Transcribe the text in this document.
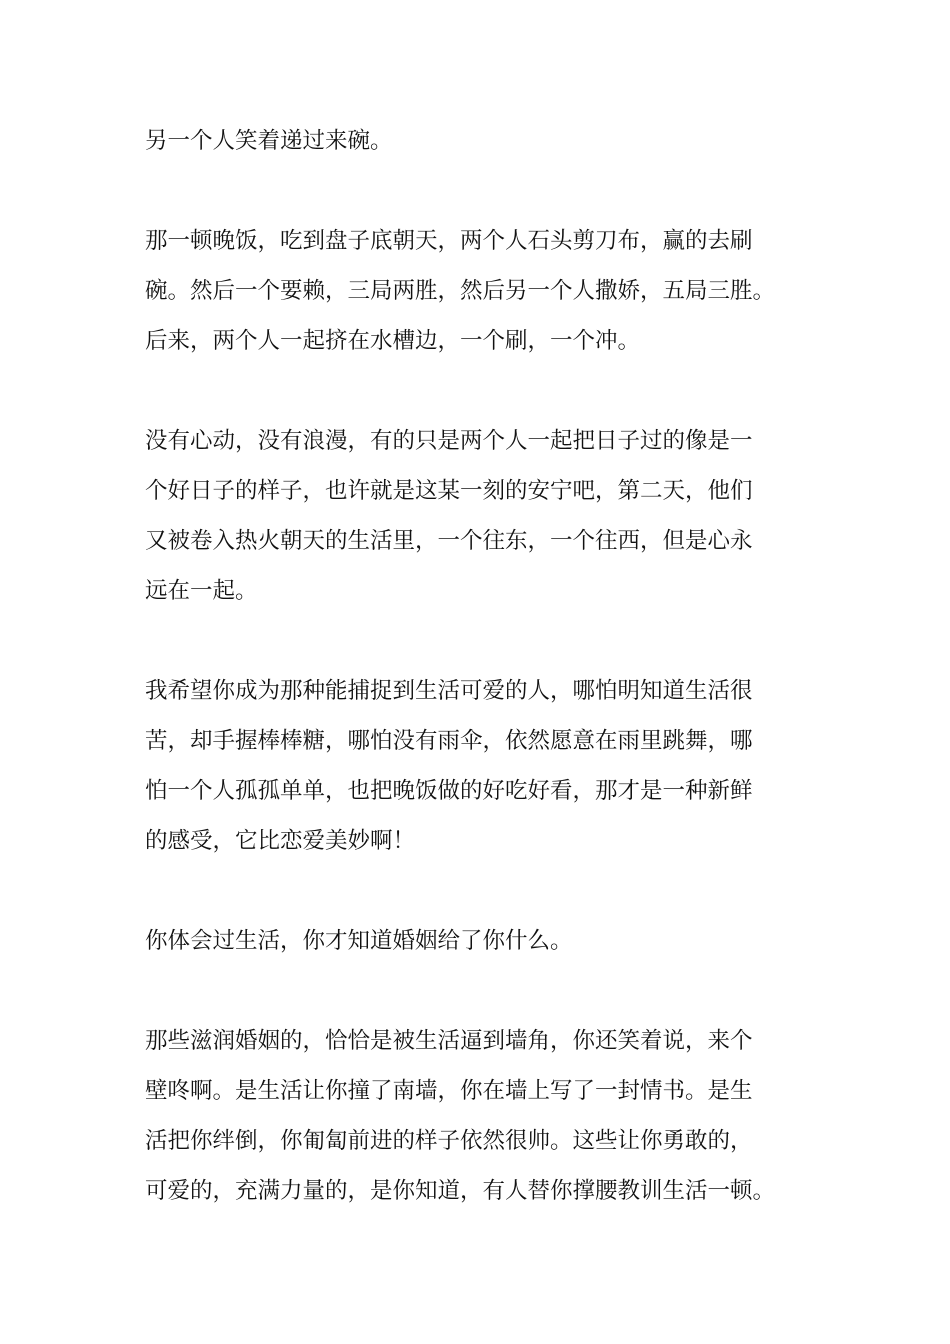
另一个人笑着递过来碗。

那一顿晚饭，吃到盘子底朝天，两个人石头剪刀布，赢的去刷

碗。然后一个要赖，三局两胜，然后另一个人撒娇，五局三胜。

后来，两个人一起挤在水槽边，一个刷，一个冲。

没有心动，没有浪漫，有的只是两个人一起把日子过的像是一

个好日子的样子，也许就是这某一刻的安宁吧，第二天，他们

又被卷入热火朝天的生活里，一个往东，一个往西，但是心永

远在一起。

我希望你成为那种能捕捉到生活可爱的人，哪怕明知道生活很

苦，却手握棒棒糖，哪怕没有雨伞，依然愿意在雨里跳舞，哪

怕一个人孤孤单单，也把晚饭做的好吃好看，那才是一种新鲜

的感受，它比恋爱美妙啊！

你体会过生活，你才知道婚姻给了你什么。

那些滋润婚姻的，恰恰是被生活逼到墙角，你还笑着说，来个

壁咚啊。是生活让你撞了南墙，你在墙上写了一封情书。是生

活把你绊倒，你匍匐前进的样子依然很帅。这些让你勇敢的，

可爱的，充满力量的，是你知道，有人替你撑腰教训生活一顿。
